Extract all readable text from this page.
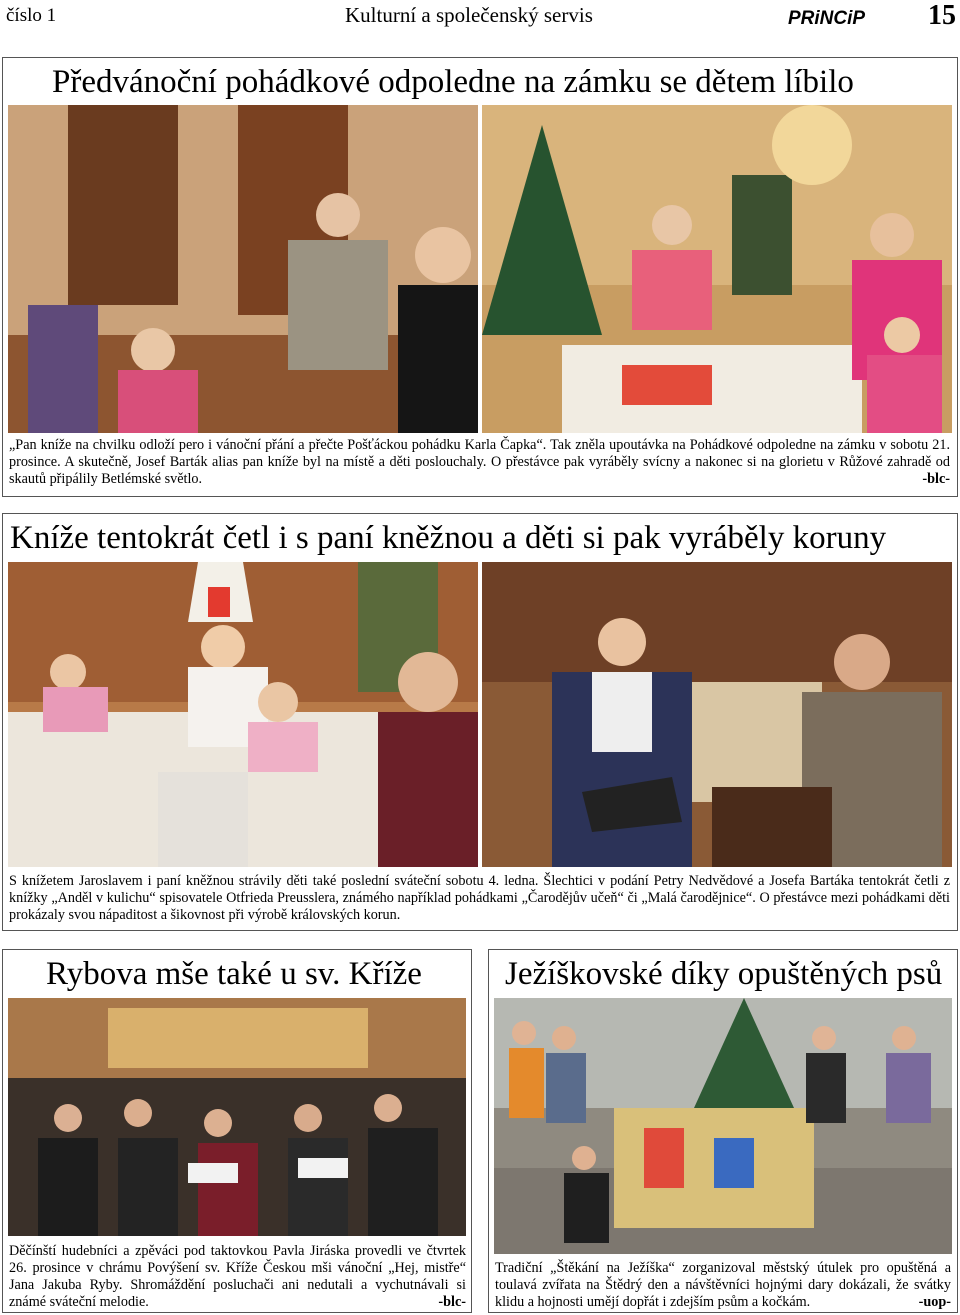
číslo 1	Kulturní a společenský servis	PRiNCiP 15
Předvánoční pohádkové odpoledne na zámku se dětem líbilo
„Pan kníže na chvilku odloží pero i vánoční přání a přečte Pošťáckou pohádku Karla Čapka“. Tak zněla upoutávka na Pohádkové odpoledne na zámku v sobotu 21. prosince. A skutečně, Josef Barták alias pan kníže byl na místě a děti poslouchaly. O přestávce pak vyráběly svícny a nakonec si na glorietu v Růžové zahradě od skautů připálily Betlémské světlo.	-blc-
Kníže tentokrát četl i s paní kněžnou a děti si pak vyráběly koruny
S knížetem Jaroslavem i paní kněžnou strávily děti také poslední sváteční sobotu 4. ledna. Šlechtici v podání Petry Nedvědové a Josefa Bartáka tentokrát četli z knížky „Anděl v kulichu“ spisovatele Otfrieda Preusslera, známého například pohádkami „Čarodějův učeň“ či „Malá čarodějnice“. O přestávce mezi pohádkami děti prokázaly svou nápaditost a šikovnost při výrobě královských korun.
Rybova mše také u sv. Kříže
Děčínští hudebníci a zpěváci pod taktovkou Pavla Jiráska provedli ve čtvrtek 26. prosince v chrámu Povýšení sv. Kříže Českou mši vánoční „Hej, mistře“ Jana Jakuba Ryby. Shromáždění posluchači ani nedutali a vychutnávali si známé sváteční melodie.	-blc-
Ježíškovské díky opuštěných psů
Tradiční „Štěkání na Ježíška“ zorganizoval městský útulek pro opuštěná a toulavá zvířata na Štědrý den a návštěvníci hojnými dary dokázali, že svátky klidu a hojnosti umějí dopřát i zdejším psům a kočkám.	-uop-
